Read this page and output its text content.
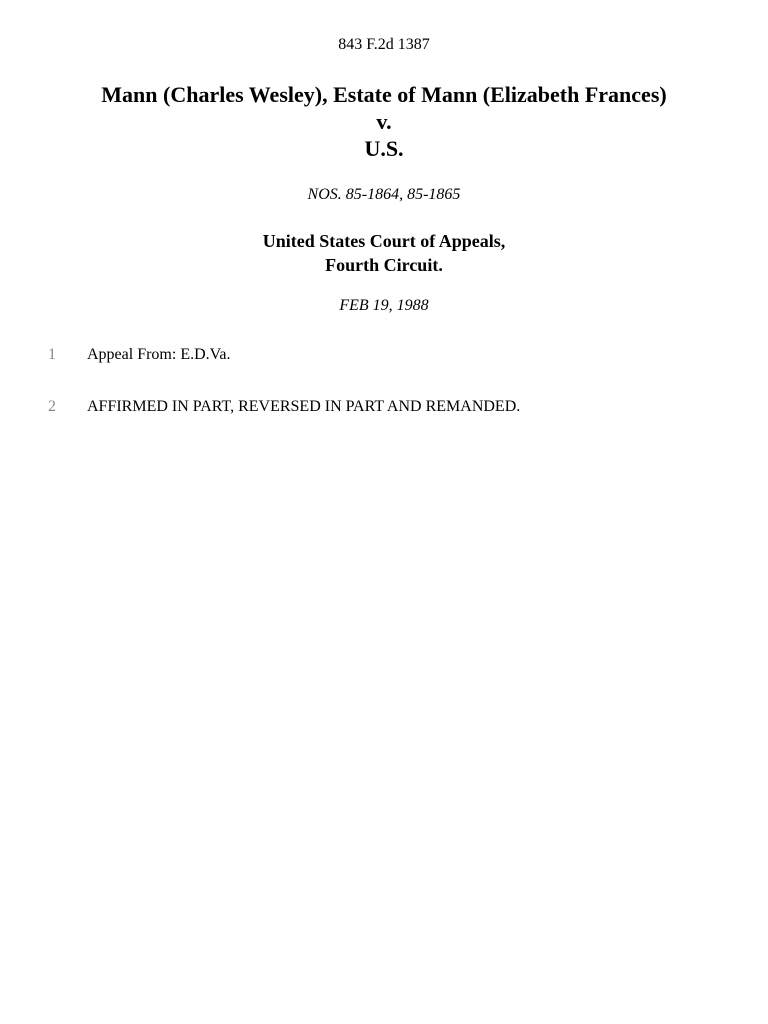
843 F.2d 1387
Mann (Charles Wesley), Estate of Mann (Elizabeth Frances)
v.
U.S.
NOS. 85-1864, 85-1865
United States Court of Appeals,
Fourth Circuit.
FEB 19, 1988
1 Appeal From: E.D.Va.
2 AFFIRMED IN PART, REVERSED IN PART AND REMANDED.
